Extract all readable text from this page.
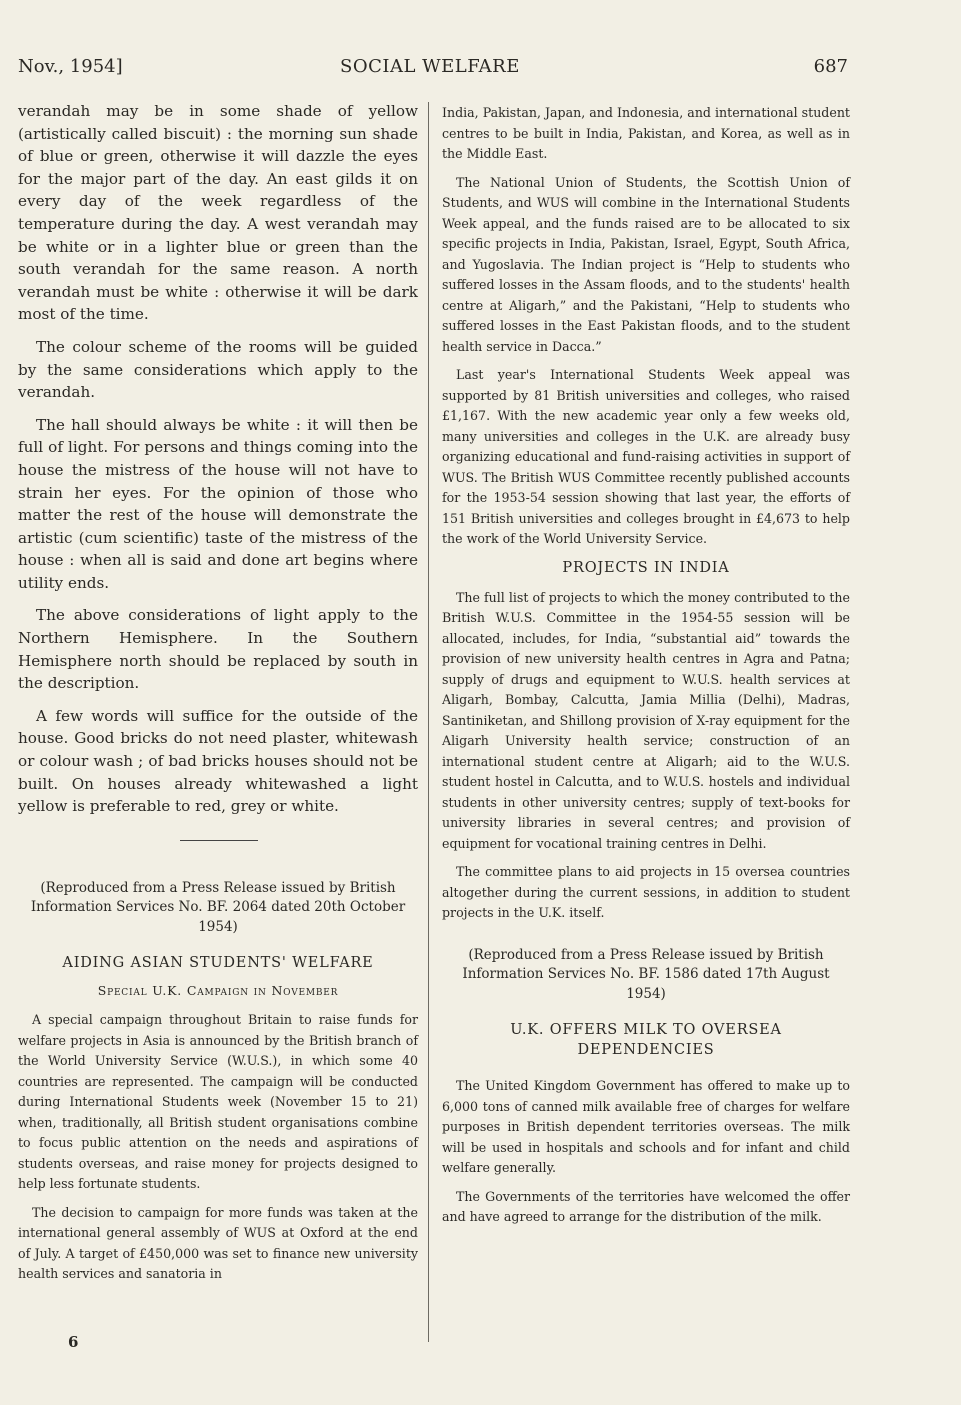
Nov., 1954]	SOCIAL WELFARE	687

verandah may be in some shade of yellow (artistically called biscuit) : the morning sun shade of blue or green, otherwise it will dazzle the eyes for the major part of the day. An east gilds it on every day of the week regardless of the temperature during the day. A west verandah may be white or in a lighter blue or green than the south verandah for the same reason. A north verandah must be white : otherwise it will be dark most of the time.

The colour scheme of the rooms will be guided by the same considerations which apply to the verandah.

The hall should always be white : it will then be full of light. For persons and things coming into the house the mistress of the house will not have to strain her eyes. For the opinion of those who matter the rest of the house will demonstrate the artistic (cum scientific) taste of the mistress of the house : when all is said and done art begins where utility ends.

The above considerations of light apply to the Northern Hemisphere. In the Southern Hemisphere north should be replaced by south in the description.

A few words will suffice for the outside of the house. Good bricks do not need plaster, whitewash or colour wash ; of bad bricks houses should not be built. On houses already whitewashed a light yellow is preferable to red, grey or white.

(Reproduced from a Press Release issued by British Information Services No. BF. 2064 dated 20th October 1954)
AIDING ASIAN STUDENTS' WELFARE
Special U.K. Campaign in November

A special campaign throughout Britain to raise funds for welfare projects in Asia is announced by the British branch of the World University Service (W.U.S.), in which some 40 countries are represented. The campaign will be conducted during International Students week (November 15 to 21) when, traditionally, all British student organisations combine to focus public attention on the needs and aspirations of students overseas, and raise money for projects designed to help less fortunate students.

The decision to campaign for more funds was taken at the international general assembly of WUS at Oxford at the end of July. A target of £450,000 was set to finance new university health services and sanatoria in

India, Pakistan, Japan, and Indonesia, and international student centres to be built in India, Pakistan, and Korea, as well as in the Middle East.

The National Union of Students, the Scottish Union of Students, and WUS will combine in the International Students Week appeal, and the funds raised are to be allocated to six specific projects in India, Pakistan, Israel, Egypt, South Africa, and Yugoslavia. The Indian project is “Help to students who suffered losses in the Assam floods, and to the students' health centre at Aligarh,” and the Pakistani, “Help to students who suffered losses in the East Pakistan floods, and to the student health service in Dacca.”

Last year's International Students Week appeal was supported by 81 British universities and colleges, who raised £1,167. With the new academic year only a few weeks old, many universities and colleges in the U.K. are already busy organizing educational and fund-raising activities in support of WUS. The British WUS Committee recently published accounts for the 1953-54 session showing that last year, the efforts of 151 British universities and colleges brought in £4,673 to help the work of the World University Service.

PROJECTS IN INDIA

The full list of projects to which the money contributed to the British W.U.S. Committee in the 1954-55 session will be allocated, includes, for India, “substantial aid” towards the provision of new university health centres in Agra and Patna; supply of drugs and equipment to W.U.S. health services at Aligarh, Bombay, Calcutta, Jamia Millia (Delhi), Madras, Santiniketan, and Shillong provision of X-ray equipment for the Aligarh University health service; construction of an international student centre at Aligarh; aid to the W.U.S. student hostel in Calcutta, and to W.U.S. hostels and individual students in other university centres; supply of text-books for university libraries in several centres; and provision of equipment for vocational training centres in Delhi.

The committee plans to aid projects in 15 oversea countries altogether during the current sessions, in addition to student projects in the U.K. itself.

(Reproduced from a Press Release issued by British Information Services No. BF. 1586 dated 17th August 1954)
U.K. OFFERS MILK TO OVERSEA DEPENDENCIES

The United Kingdom Government has offered to make up to 6,000 tons of canned milk available free of charges for welfare purposes in British dependent territories overseas. The milk will be used in hospitals and schools and for infant and child welfare generally.

The Governments of the territories have welcomed the offer and have agreed to arrange for the distribution of the milk.

6
